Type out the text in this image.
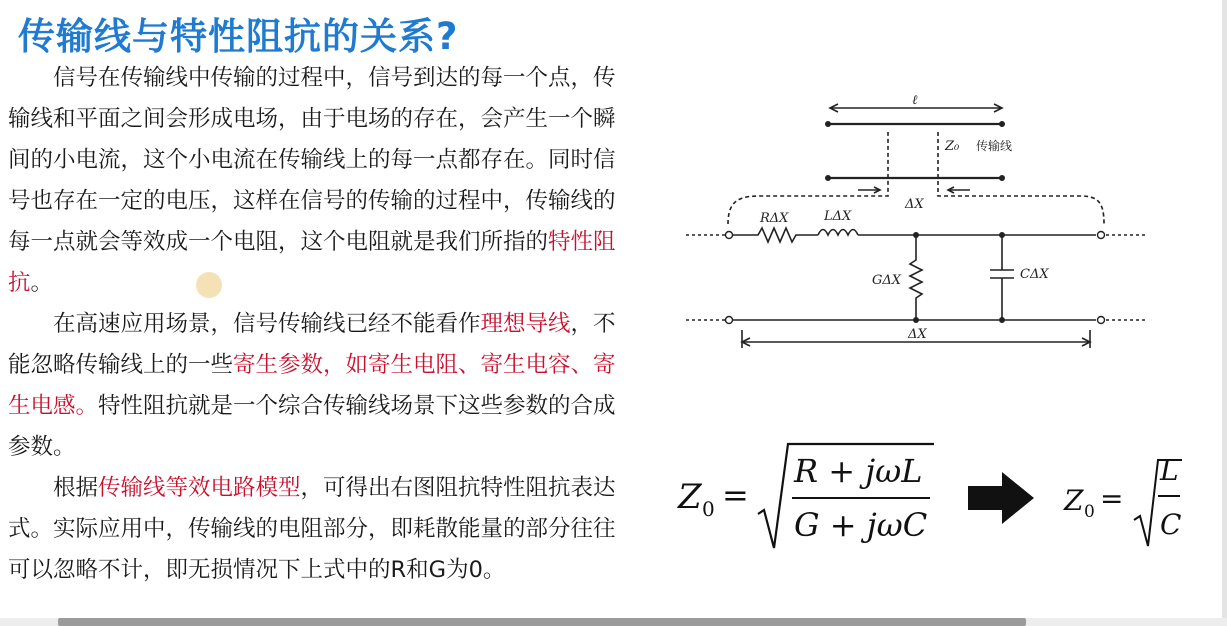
传输线与特性阻抗的关系?

信号在传输线中传输的过程中，信号到达的每一个点，传输线和平面之间会形成电场，由于电场的存在，会产生一个瞬间的小电流，这个小电流在传输线上的每一点都存在。同时信号也存在一定的电压，这样在信号的传输的过程中，传输线的每一点就会等效成一个电阻，这个电阻就是我们所指的特性阻抗。

在高速应用场景，信号传输线已经不能看作理想导线，不能忽略传输线上的一些寄生参数，如寄生电阻、寄生电容、寄生电感。特性阻抗就是一个综合传输线场景下这些参数的合成参数。

根据传输线等效电路模型，可得出右图阻抗特性阻抗表达式。实际应用中，传输线的电阻部分，即耗散能量的部分往往可以忽略不计，即无损情况下上式中的R和G为0。

ℓ
Z₀
RΔX	LΔX
ΔX
GΔX	CΔX
ΔX
传输线
Z 0 =
R + jωL
G + jωC
Z 0 =
L
C
